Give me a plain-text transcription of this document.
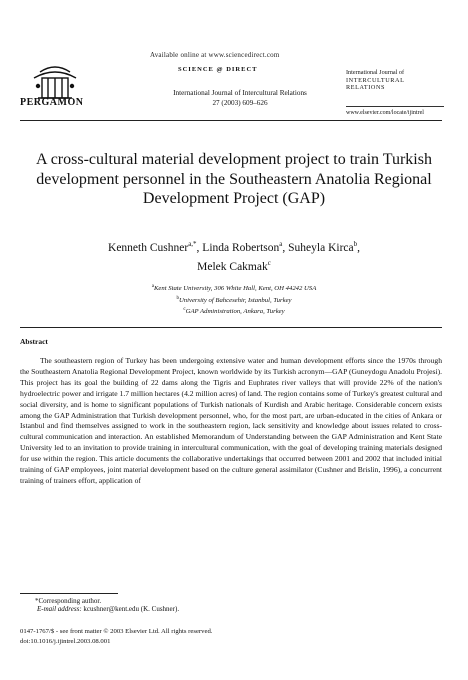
PERGAMON
Available online at www.sciencedirect.com
SCIENCE @ DIRECT
International Journal of Intercultural Relations
27 (2003) 609–626
International Journal of
INTERCULTURAL
RELATIONS
www.elsevier.com/locate/ijintrel
A cross-cultural material development project to train Turkish development personnel in the Southeastern Anatolia Regional Development Project (GAP)
Kenneth Cushner$^{a,*}$, Linda Robertson$^a$, Suheyla Kirca$^b$,
Melek Cakmak$^c$
$^a$Kent State University, 306 White Hall, Kent, OH 44242 USA
$^b$University of Bahcesehir, Istanbul, Turkey
$^c$GAP Administration, Ankara, Turkey
Abstract

The southeastern region of Turkey has been undergoing extensive water and human development efforts since the 1970s through the Southeastern Anatolia Regional Development Project, known worldwide by its Turkish acronym—GAP (Guneydogu Anadolu Projesi). This project has its goal the building of 22 dams along the Tigris and Euphrates river valleys that will provide 22% of the nation's hydroelectric power and irrigate 1.7 million hectares (4.2 million acres) of land. The region contains some of Turkey's greatest cultural and social diversity, and is home to significant populations of Turkish nationals of Kurdish and Arabic heritage. Considerable concern exists among the GAP Administration that Turkish development personnel, who, for the most part, are urban-educated in the cities of Ankara or Istanbul and find themselves assigned to work in the southeastern region, lack sensitivity and knowledge about issues related to cross-cultural communication and interaction. An established Memorandum of Understanding between the GAP Administration and Kent State University led to an invitation to provide training in intercultural communication, with the goal of developing training materials designed for use within the region. This article documents the collaborative undertakings that occurred between 2001 and 2002 that included initial training of GAP employees, joint material development based on the culture general assimilator (Cushner and Brislin, 1996), a concurrent training of trainers effort, application of

*Corresponding author.
E-mail address: kcushner@kent.edu (K. Cushner).
0147-1767/$ - see front matter © 2003 Elsevier Ltd. All rights reserved.
doi:10.1016/j.ijintrel.2003.08.001
